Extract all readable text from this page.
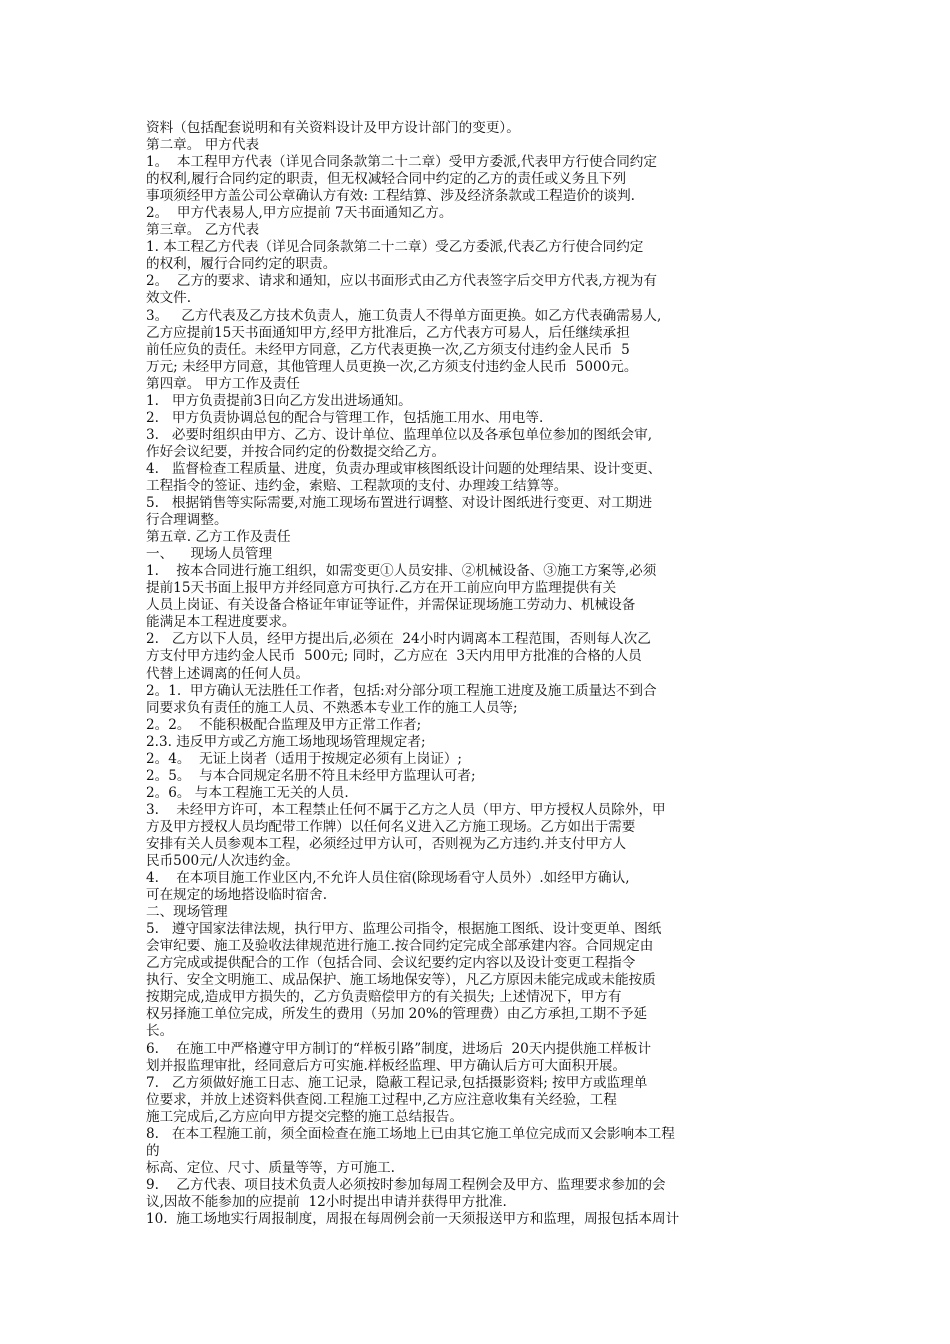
资料（包括配套说明和有关资料设计及甲方设计部门的变更）。
第二章。 甲方代表
1。  本工程甲方代表（详见合同条款第二十二章）受甲方委派,代表甲方行使合同约定
的权利,履行合同约定的职责，但无权减轻合同中约定的乙方的责任或义务且下列
事项须经甲方盖公司公章确认方有效: 工程结算、涉及经济条款或工程造价的谈判.
2。  甲方代表易人,甲方应提前 7天书面通知乙方。
第三章。 乙方代表
1. 本工程乙方代表（详见合同条款第二十二章）受乙方委派,代表乙方行使合同约定
的权利，履行合同约定的职责。
2。  乙方的要求、请求和通知，应以书面形式由乙方代表签字后交甲方代表,方视为有
效文件.
3。   乙方代表及乙方技术负责人，施工负责人不得单方面更换。如乙方代表确需易人,
乙方应提前15天书面通知甲方,经甲方批准后，乙方代表方可易人，后任继续承担
前任应负的责任。未经甲方同意，乙方代表更换一次,乙方须支付违约金人民币  5
万元; 未经甲方同意，其他管理人员更换一次,乙方须支付违约金人民币  5000元。
第四章。 甲方工作及责任
1.   甲方负责提前3日向乙方发出进场通知。
2.   甲方负责协调总包的配合与管理工作，包括施工用水、用电等.
3.   必要时组织由甲方、乙方、设计单位、监理单位以及各承包单位参加的图纸会审,
作好会议纪要，并按合同约定的份数提交给乙方。
4.   监督检查工程质量、进度，负责办理或审核图纸设计问题的处理结果、设计变更、
工程指令的签证、违约金，索赔、工程款项的支付、办理竣工结算等。
5.   根据销售等实际需要,对施工现场布置进行调整、对设计图纸进行变更、对工期进
行合理调整。
第五章. 乙方工作及责任
一、    现场人员管理
1.    按本合同进行施工组织，如需变更①人员安排、②机械设备、③施工方案等,必须
提前15天书面上报甲方并经同意方可执行.乙方在开工前应向甲方监理提供有关
人员上岗证、有关设备合格证年审证等证件，并需保证现场施工劳动力、机械设备
能满足本工程进度要求。
2.   乙方以下人员，经甲方提出后,必须在  24小时内调离本工程范围，否则每人次乙
方支付甲方违约金人民币  500元; 同时，乙方应在  3天内用甲方批准的合格的人员
代替上述调离的任何人员。
2。1.  甲方确认无法胜任工作者，包括:对分部分项工程施工进度及施工质量达不到合
同要求负有责任的施工人员、不熟悉本专业工作的施工人员等;
2。2。  不能积极配合监理及甲方正常工作者;
2.3. 违反甲方或乙方施工场地现场管理规定者;
2。4。  无证上岗者（适用于按规定必须有上岗证）;
2。5。  与本合同规定名册不符且未经甲方监理认可者;
2。6。 与本工程施工无关的人员.
3.    未经甲方许可，本工程禁止任何不属于乙方之人员（甲方、甲方授权人员除外，甲
方及甲方授权人员均配带工作牌）以任何名义进入乙方施工现场。乙方如出于需要
安排有关人员参观本工程，必须经过甲方认可，否则视为乙方违约.并支付甲方人
民币500元/人次违约金。
4.    在本项目施工作业区内,不允许人员住宿(除现场看守人员外）.如经甲方确认,
可在规定的场地搭设临时宿舍.
二、现场管理
5.   遵守国家法律法规，执行甲方、监理公司指令，根据施工图纸、设计变更单、图纸
会审纪要、施工及验收法律规范进行施工.按合同约定完成全部承建内容。合同规定由
乙方完成或提供配合的工作（包括合同、会议纪要约定内容以及设计变更工程指令
执行、安全文明施工、成品保护、施工场地保安等），凡乙方原因未能完成或未能按质
按期完成,造成甲方损失的，乙方负责赔偿甲方的有关损失; 上述情况下，甲方有
权另择施工单位完成，所发生的费用（另加 20%的管理费）由乙方承担,工期不予延
长。
6.    在施工中严格遵守甲方制订的“样板引路”制度，进场后  20天内提供施工样板计
划并报监理审批，经同意后方可实施.样板经监理、甲方确认后方可大面积开展。
7.   乙方须做好施工日志、施工记录，隐蔽工程记录,包括摄影资料; 按甲方或监理单
位要求，并放上述资料供查阅.工程施工过程中,乙方应注意收集有关经验，工程
施工完成后,乙方应向甲方提交完整的施工总结报告。
8.   在本工程施工前，须全面检查在施工场地上已由其它施工单位完成而又会影响本工程
的
标高、定位、尺寸、质量等等，方可施工.
9.    乙方代表、项目技术负责人必须按时参加每周工程例会及甲方、监理要求参加的会
议,因故不能参加的应提前  12小时提出申请并获得甲方批准.
10.  施工场地实行周报制度，周报在每周例会前一天须报送甲方和监理，周报包括本周计
